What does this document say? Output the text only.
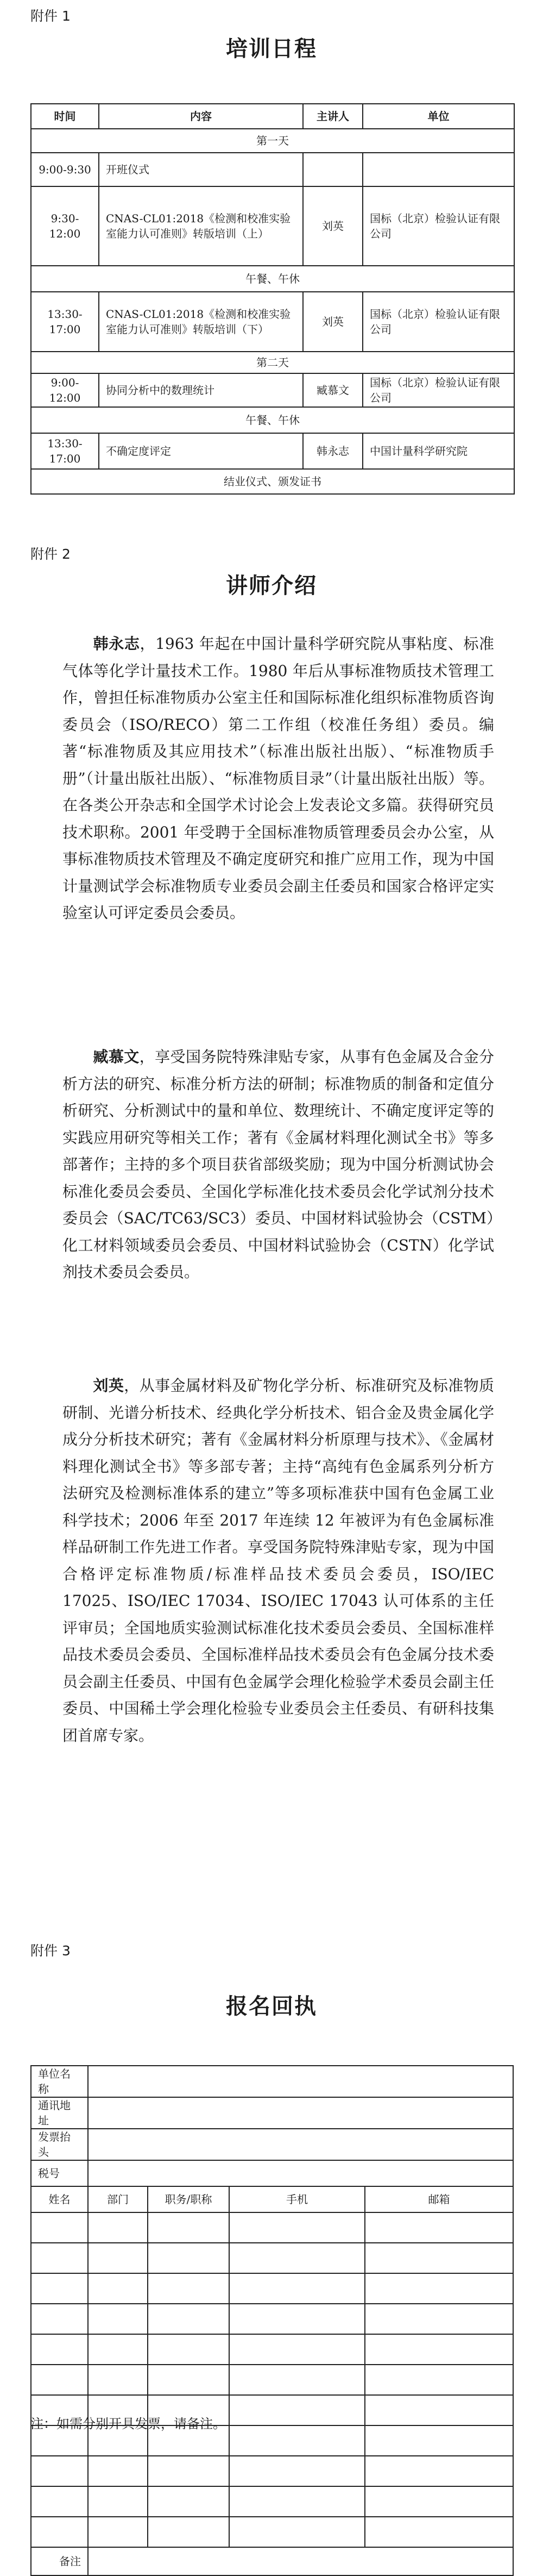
附件 1
培训日程
时间	内容	主讲人	单位
第一天			
9:00-9:30	开班仪式		
9:30-12:00	CNAS-CL01:2018《检测和校准实验室能力认可准则》转版培训（上）	刘英	国标（北京）检验认证有限公司
午餐、午休			
13:30-17:00	CNAS-CL01:2018《检测和校准实验室能力认可准则》转版培训（下）	刘英	国标（北京）检验认证有限公司
第二天			
9:00-12:00	协同分析中的数理统计	臧慕文	国标（北京）检验认证有限公司
午餐、午休			
13:30-17:00	不确定度评定	韩永志	中国计量科学研究院
结业仪式、颁发证书			
附件 2
讲师介绍
韩永志，1963 年起在中国计量科学研究院从事粘度、标准气体等化学计量技术工作。1980 年后从事标准物质技术管理工作，曾担任标准物质办公室主任和国际标准化组织标准物质咨询委员会（ISO/RECO）第二工作组（校准任务组）委员。编著“标准物质及其应用技术”（标准出版社出版）、“标准物质手册”（计量出版社出版）、“标准物质目录”（计量出版社出版）等。在各类公开杂志和全国学术讨论会上发表论文多篇。获得研究员技术职称。2001 年受聘于全国标准物质管理委员会办公室，从事标准物质技术管理及不确定度研究和推广应用工作，现为中国计量测试学会标准物质专业委员会副主任委员和国家合格评定实验室认可评定委员会委员。
臧慕文，享受国务院特殊津贴专家，从事有色金属及合金分析方法的研究、标准分析方法的研制；标准物质的制备和定值分析研究、分析测试中的量和单位、数理统计、不确定度评定等的实践应用研究等相关工作；著有《金属材料理化测试全书》等多部著作；主持的多个项目获省部级奖励；现为中国分析测试协会标准化委员会委员、全国化学标准化技术委员会化学试剂分技术委员会（SAC/TC63/SC3）委员、中国材料试验协会（CSTM）化工材料领域委员会委员、中国材料试验协会（CSTN）化学试剂技术委员会委员。
刘英，从事金属材料及矿物化学分析、标准研究及标准物质研制、光谱分析技术、经典化学分析技术、铝合金及贵金属化学成分分析技术研究；著有《金属材料分析原理与技术》、《金属材料理化测试全书》等多部专著；主持“高纯有色金属系列分析方法研究及检测标准体系的建立”等多项标准获中国有色金属工业科学技术；2006 年至 2017 年连续 12 年被评为有色金属标准样品研制工作先进工作者。享受国务院特殊津贴专家，现为中国合格评定标准物质/标准样品技术委员会委员，ISO/IEC 17025、ISO/IEC 17034、ISO/IEC 17043 认可体系的主任评审员；全国地质实验测试标准化技术委员会委员、全国标准样品技术委员会委员、全国标准样品技术委员会有色金属分技术委员会副主任委员、中国有色金属学会理化检验学术委员会副主任委员、中国稀土学会理化检验专业委员会主任委员、有研科技集团首席专家。
附件 3
报名回执
单位名称				
通讯地址				
发票抬头				
税号				
姓名	部门	职务/职称	手机	邮箱

备注				
注：如需分别开具发票，请备注。
